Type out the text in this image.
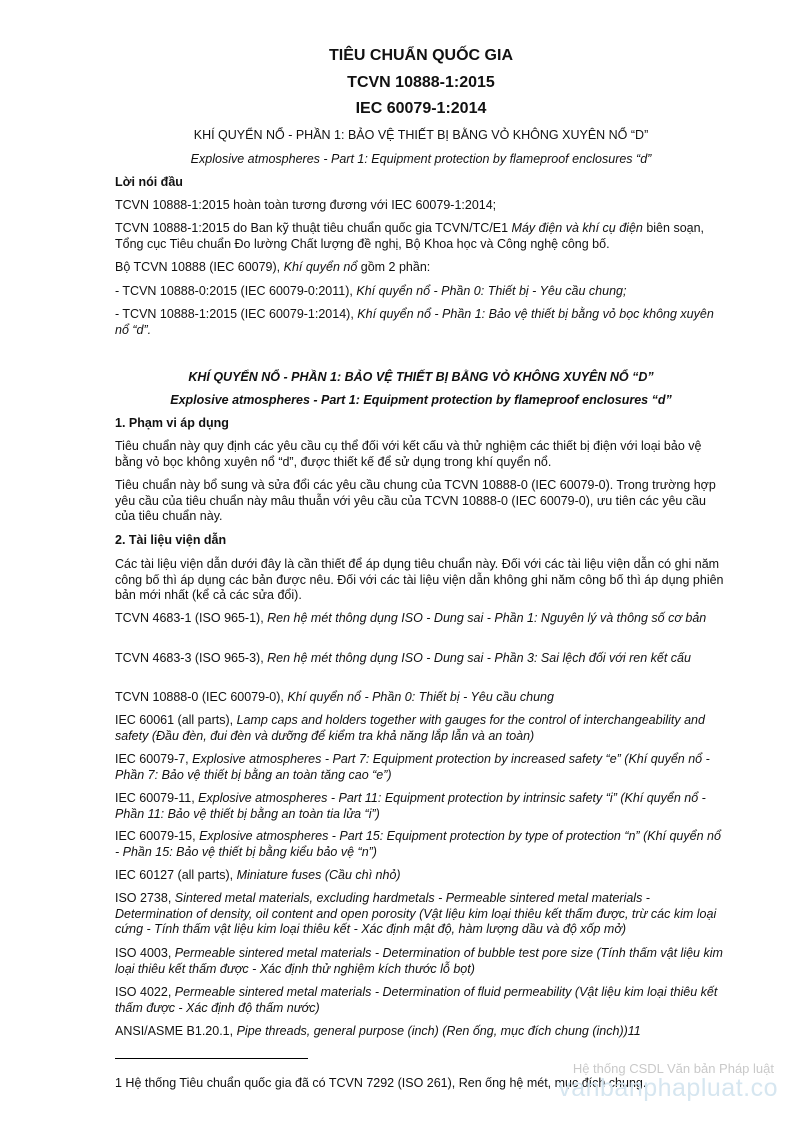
TIÊU CHUẨN QUỐC GIA
TCVN 10888-1:2015
IEC 60079-1:2014

KHÍ QUYỂN NỔ - PHẦN 1: BẢO VỆ THIẾT BỊ BẰNG VỎ KHÔNG XUYÊN NỔ “D”

Explosive atmospheres - Part 1: Equipment protection by flameproof enclosures “d”

Lời nói đầu

TCVN 10888-1:2015 hoàn toàn tương đương với IEC 60079-1:2014;

TCVN 10888-1:2015 do Ban kỹ thuật tiêu chuẩn quốc gia TCVN/TC/E1 Máy điện và khí cụ điện biên soạn, Tổng cục Tiêu chuẩn Đo lường Chất lượng đề nghị, Bộ Khoa học và Công nghệ công bố.

Bộ TCVN 10888 (IEC 60079), Khí quyển nổ gồm 2 phần:

- TCVN 10888-0:2015 (IEC 60079-0:2011), Khí quyển nổ - Phần 0: Thiết bị - Yêu cầu chung;

- TCVN 10888-1:2015 (IEC 60079-1:2014), Khí quyển nổ - Phần 1: Bảo vệ thiết bị bằng vỏ bọc không xuyên nổ “d”.

KHÍ QUYỂN NỔ - PHẦN 1: BẢO VỆ THIẾT BỊ BẰNG VỎ KHÔNG XUYÊN NỔ “D”

Explosive atmospheres - Part 1: Equipment protection by flameproof enclosures “d”

1. Phạm vi áp dụng

Tiêu chuẩn này quy định các yêu cầu cụ thể đối với kết cấu và thử nghiệm các thiết bị điện với loại bảo vệ bằng vỏ bọc không xuyên nổ “d”, được thiết kế để sử dụng trong khí quyển nổ.

Tiêu chuẩn này bổ sung và sửa đổi các yêu cầu chung của TCVN 10888-0 (IEC 60079-0). Trong trường hợp yêu cầu của tiêu chuẩn này mâu thuẫn với yêu cầu của TCVN 10888-0 (IEC 60079-0), ưu tiên các yêu cầu của tiêu chuẩn này.

2. Tài liệu viện dẫn

Các tài liệu viện dẫn dưới đây là cần thiết để áp dụng tiêu chuẩn này. Đối với các tài liệu viện dẫn có ghi năm công bố thì áp dụng các bản được nêu. Đối với các tài liệu viện dẫn không ghi năm công bố thì áp dụng phiên bản mới nhất (kể cả các sửa đổi).

TCVN 4683-1 (ISO 965-1), Ren hệ mét thông dụng ISO - Dung sai - Phần 1: Nguyên lý và thông số cơ bản

TCVN 4683-3 (ISO 965-3), Ren hệ mét thông dụng ISO - Dung sai - Phần 3: Sai lệch đối với ren kết cấu

TCVN 10888-0 (IEC 60079-0), Khí quyển nổ - Phần 0: Thiết bị - Yêu cầu chung

IEC 60061 (all parts), Lamp caps and holders together with gauges for the control of interchangeability and safety (Đầu đèn, đui đèn và dưỡng để kiểm tra khả năng lắp lẫn và an toàn)

IEC 60079-7, Explosive atmospheres - Part 7: Equipment protection by increased safety “e” (Khí quyển nổ - Phần 7: Bảo vệ thiết bị bằng an toàn tăng cao “e”)

IEC 60079-11, Explosive atmospheres - Part 11: Equipment protection by intrinsic safety “i” (Khí quyển nổ - Phần 11: Bảo vệ thiết bị bằng an toàn tia lửa “i”)

IEC 60079-15, Explosive atmospheres - Part 15: Equipment protection by type of protection “n” (Khí quyển nổ - Phần 15: Bảo vệ thiết bị bằng kiểu bảo vệ “n”)

IEC 60127 (all parts), Miniature fuses (Cầu chì nhỏ)

ISO 2738, Sintered metal materials, excluding hardmetals - Permeable sintered metal materials - Determination of density, oil content and open porosity (Vật liệu kim loại thiêu kết thấm được, trừ các kim loại cứng - Tính thấm vật liệu kim loại thiêu kết - Xác định mật độ, hàm lượng dầu và độ xốp mở)

ISO 4003, Permeable sintered metal materials - Determination of bubble test pore size (Tính thấm vật liệu kim loại thiêu kết thấm được - Xác định thử nghiệm kích thước lỗ bọt)

ISO 4022, Permeable sintered metal materials - Determination of fluid permeability (Vật liệu kim loại thiêu kết thấm được - Xác định độ thấm nước)

ANSI/ASME B1.20.1, Pipe threads, general purpose (inch) (Ren ống, mục đích chung (inch))11

1 Hệ thống Tiêu chuẩn quốc gia đã có TCVN 7292 (ISO 261), Ren ống hệ mét, mục đích chung.

Hệ thống CSDL Văn bản Pháp luật
vanbanphapluat.co
